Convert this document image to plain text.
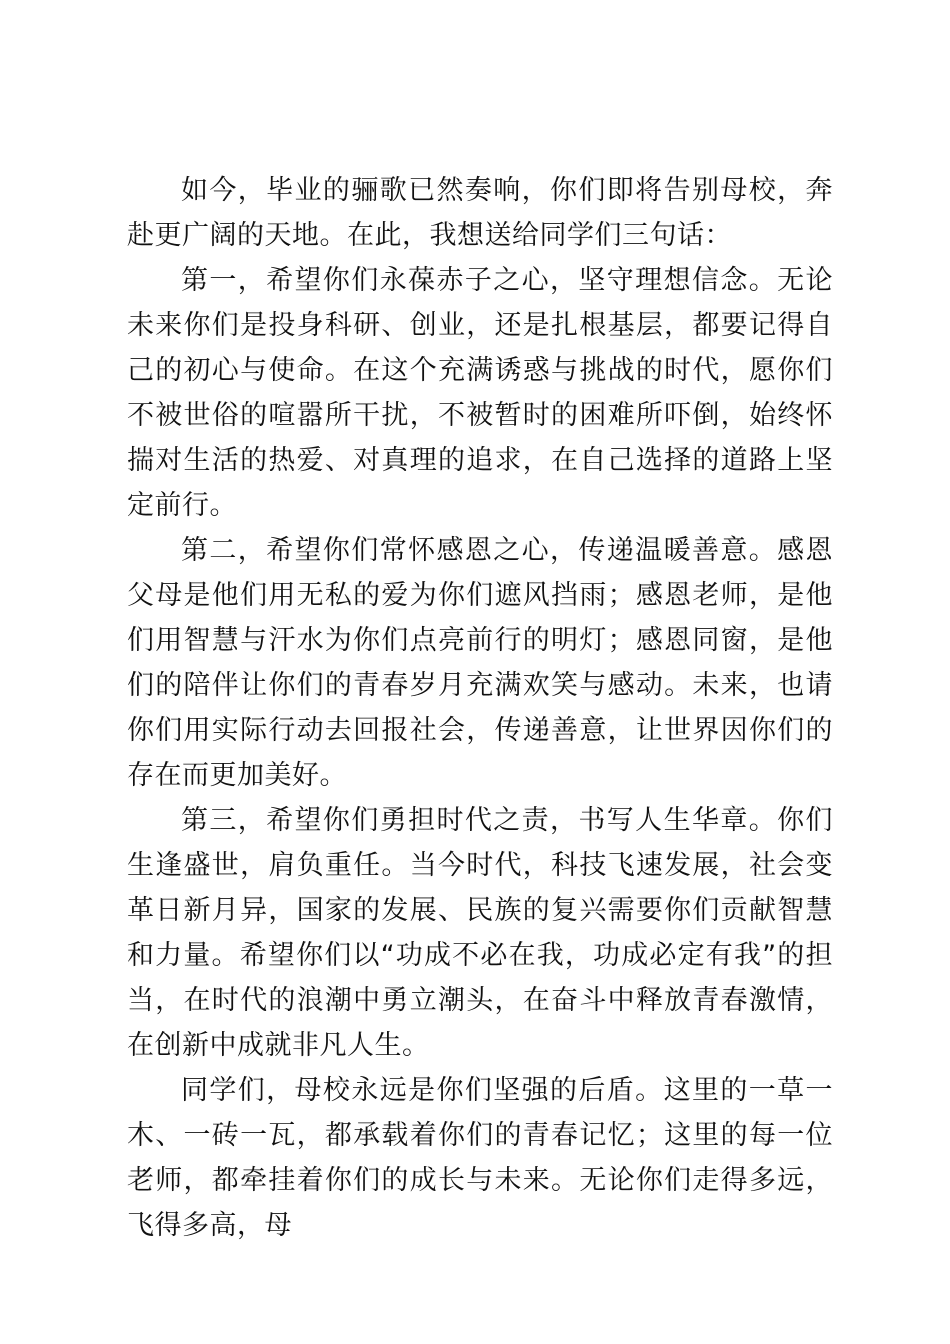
如今，毕业的骊歌已然奏响，你们即将告别母校，奔赴更广阔的天地。在此，我想送给同学们三句话：

第一，希望你们永葆赤子之心，坚守理想信念。无论未来你们是投身科研、创业，还是扎根基层，都要记得自己的初心与使命。在这个充满诱惑与挑战的时代，愿你们不被世俗的喧嚣所干扰，不被暂时的困难所吓倒，始终怀揣对生活的热爱、对真理的追求，在自己选择的道路上坚定前行。

第二，希望你们常怀感恩之心，传递温暖善意。感恩父母是他们用无私的爱为你们遮风挡雨；感恩老师，是他们用智慧与汗水为你们点亮前行的明灯；感恩同窗，是他们的陪伴让你们的青春岁月充满欢笑与感动。未来，也请你们用实际行动去回报社会，传递善意，让世界因你们的存在而更加美好。

第三，希望你们勇担时代之责，书写人生华章。你们生逢盛世，肩负重任。当今时代，科技飞速发展，社会变革日新月异，国家的发展、民族的复兴需要你们贡献智慧和力量。希望你们以“功成不必在我，功成必定有我”的担当，在时代的浪潮中勇立潮头，在奋斗中释放青春激情，在创新中成就非凡人生。

同学们，母校永远是你们坚强的后盾。这里的一草一木、一砖一瓦，都承载着你们的青春记忆；这里的每一位老师，都牵挂着你们的成长与未来。无论你们走得多远，飞得多高，母
